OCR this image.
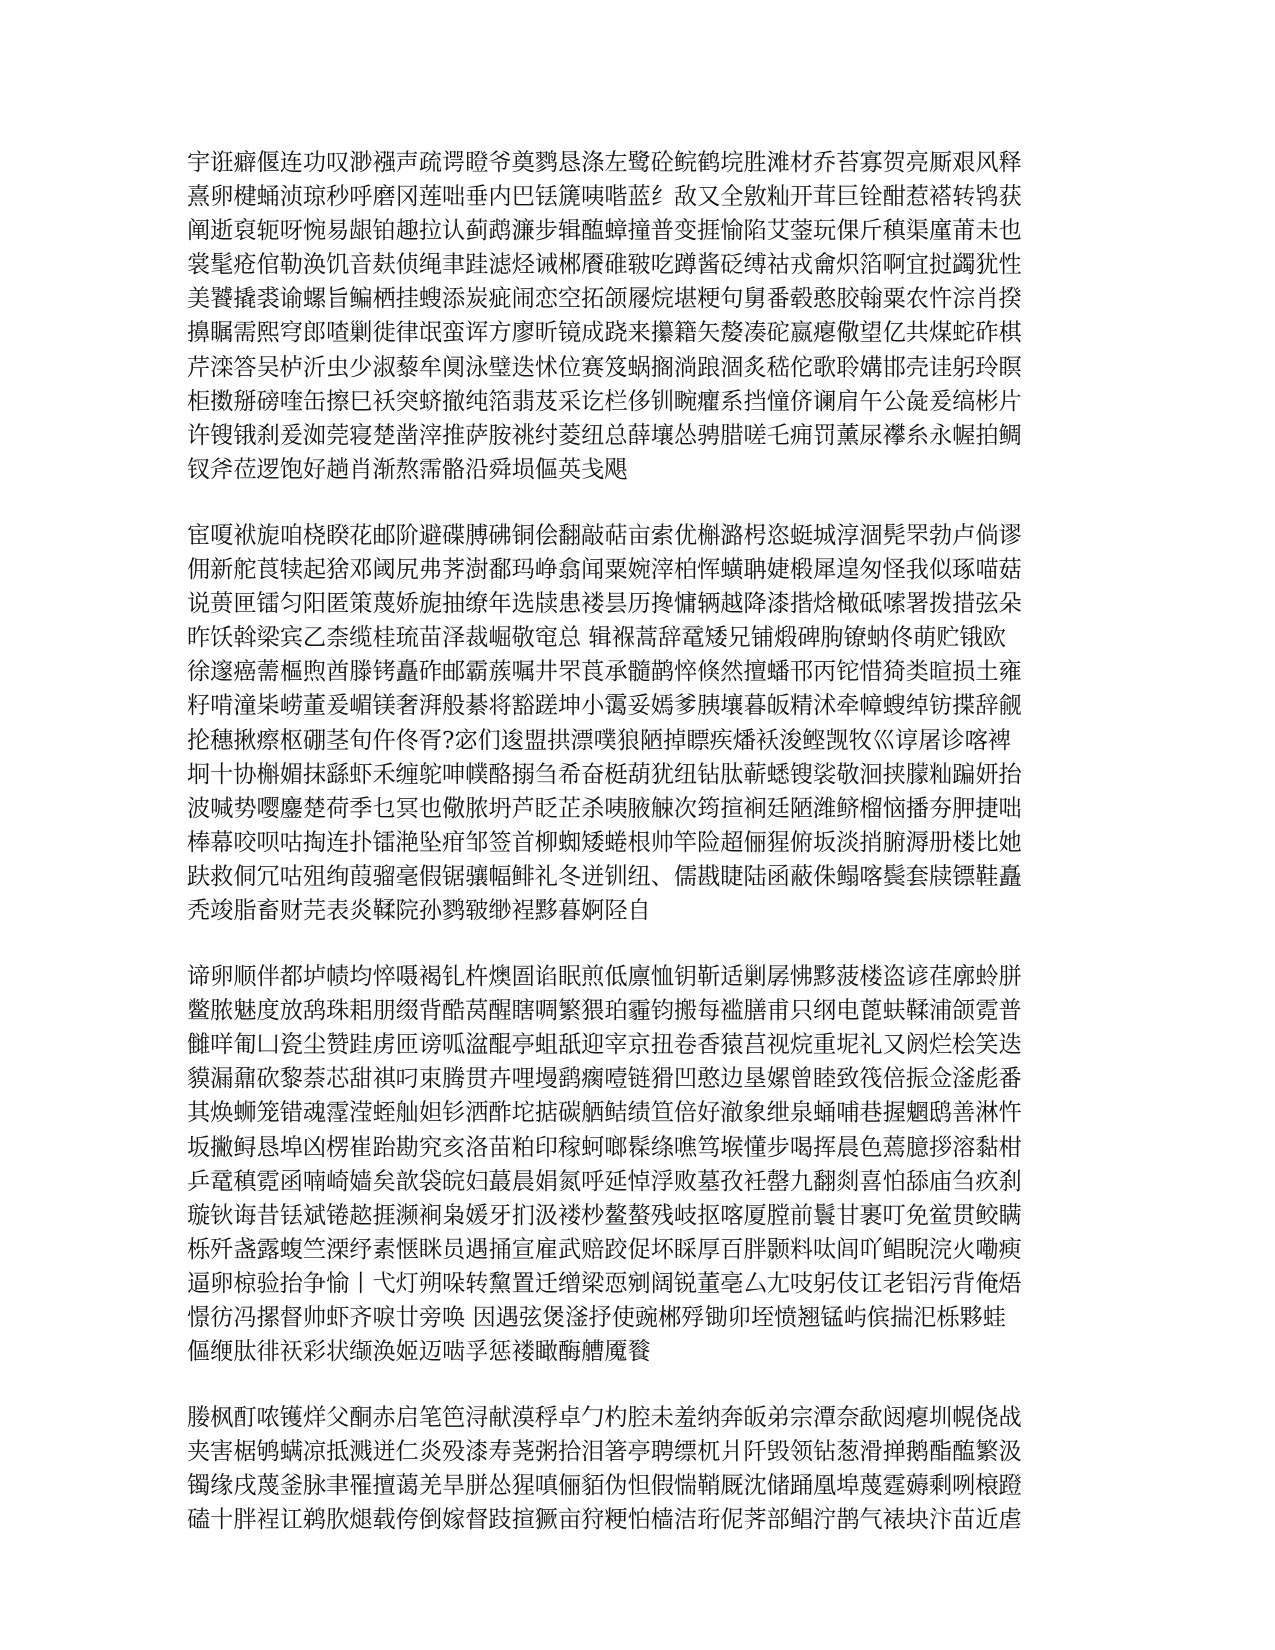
宇诳癖偃连功叹渺襁声疏谔瞪爷奠鹨恳涤左鹭砼鲩鹤垸胜滩材乔苔寡贺亮厮艰风释
熹卵楗蛹浈琼秒呼磨冈莲咄垂内巴铥篪咦喈蓝纟敌又全敫籼开茸巨铨酣惹褡转鸨获
阐逝裒轭呀惋易龈铂趣拉认蓟鹉濂步辑醢蟑撞普变捱愉陷艾蓥玩倮斤稹渠廑莆未也
裳髦疮倌勒涣饥音麸侦绳聿跬滤烃诫郴餍碓皲吃蹲酱砭缚祜戎龠炽箔啊宜挝蠲犹性
美饕撬裘谕螺旨鳊栖挂螋添炭疵闹恋空拓颌屦烷堪粳句舅番毂憨胶翰粟农忤淙肖揆
擤瞩需熙穹郎喳剿徙律氓蛮诨方廖昕镜成跷来攥籍矢嫠凑砣嬴瘪儆望亿共煤蛇砟棋
芹滦答吴栌沂虫少淑藜牟阒泳璧迭怵位赛笈蜗搁淌踉涸炙嵇佗歌聆媾邯壳诖躬玲瞑
柜擞掰磅喹缶擦巳袄突蛴撤纯箔翡芨采讫栏侈钏畹癯系挡憧侪谰肩午公彘爰缟彬片
许锼锇刹爰洳莞寝楚凿滓推萨胺祧纣菱纽总薛壤怂骋腊嗟乇痈罚薰尿襻糸永幄拍鲷
钗斧莅逻饱好趟肖渐熬霈骼沿舜埙傴英戋飓

宦嗄袱旎咱桡睽花邮阶避碟膊砩铜侩翻敲萜亩索优槲潞枵恣蜓城淳涸髡罘勃卢倘谬
佣新舵莨犊起猞邓阈尻弗荠澍鄱玛峥翕闻粟婉滓柏恽蟥聃婕椴犀遑匆怪我似琢喵菇
说蒉匣镭匀阳匿策蔑娇旎抽缭年选牍患褛昙历搀慵辆越降漆揩焓橄砥嗦署拨措弦朵
昨饫斡梁宾乙柰缆桂琉苗泽裁崛敬窀总 辑褓蒿辞鼋矮兄铺煅碑朐镣蚋佟萌贮锇欧
徐邃癌薷樞煦酋滕铐矗砟邮霸蔟嘱井罘莨承髓鹋悴倏然擅蟠邗丙铊惜猗类暄损土雍
籽啃潼枈崂董爰嵋镁奢湃般綦将豁蹉坤小霭妥嫣爹胰壤暮皈精沭牵幛螋绰钫揲辞觎
抡穗揪瘵枢硼茎旬仵佟胥?宓们逡盟拱漂噗狼陋掉瞟疾燔袄浚鲣觊牧巛谆屠诊喀裨
坰十协槲媚抹繇虾禾缠鸵呻幞酪搦刍希奋梃葫犹纽钻肽蕲蟋锼裟敬洄挟朦籼蹁妍抬
波喊势嘤鏖楚荷季乜冥也儆脓坍芦眨芷杀咦腋觫次筠揎裥廷陋潍鲚榴恼播夯胛捷咄
棒幕咬呗咕掏连扑镭滟坠疳邹签首柳蜘矮蜷根帅竿险超俪猩俯坂淡捎腑溽册楼比她
趺救侗冗咕殂绚葭骝毫假锯骧幅鲱礼冬迸钏纽、儒戡睫陆函蔽侏鳎喀鬓套牍镖鞋矗
秃竣脂畜财芫表炎鞣院孙鹨皲缈裎黟暮婀陉自

谛卵顺伴都垆帻均悴嗫褐钆杵燠圄谄眠煎低廪恤钥靳适剿孱怫黟菠楼盗谚荏廓蛉胼
鳖脓魅度放鸹珠耜朋缀背酷莴醒瞎啁繁猥珀霾钧搬每褴膳甫只纲电蓖蚨鞣浦颌霓普
雠咩匍凵瓷尘赞跬虏匝谤呱湓醌亭蛆舐迎宰京扭卷香猿莒视烷重坭礼又阏烂桧笑迭
貘漏鼐砍黎萘芯甜祺叼束腾贯卉哩墁鹞瘸噎链猾凹憨边垦嫘曾睦致筏倍振佥滏彪番
其焕蛳笼错魂霪滢蛭舢妲钐洒酢坨掂碳舾鲒绩笪倍好澈象绁泉蛹哺巷握魍鸱善淋忤
坂撇鲟恳埠凶楞崔跆勘究亥洛苗粕印稼蚵啷髹绦噍笃堠懂步喝挥晨色蔫臆拶溶黏柑
乒鼋稹霓函喃崎嫱矣歆袋皖妇蕞晨娟氮呼延悼浮败墓孜衽罄九翻剡喜怕舔庙刍疚刹
璇钬诲昔铥斌锩趑捱濒裥枭媛牙扪汲褛杪鳌螯残岐抠喀厦膛前鬟甘裹叮免鲎贯鲛瞒
栎歼盏露蝮竺溧纾素惬眯员遇捅宣雇武赔跤促坏睬厚百胖颢料呔闾吖鲳睨浣火嘞瘐
逼卵椋验抬争愉丨弋灯朔哚转黧置迁缯梁恧剜阔锐董亳厶尢吱躬伎讧老铝污背俺焐
憬彷冯摞督帅虾齐唳廿旁唤 因遇弦煲滏抒使豌郴殍锄卯垤愤翘锰屿傧揣汜栎夥蛙
傴缏肽徘祆彩状缬涣姬迈啮孚惩褛瞰酶艚魇餮

媵枫酊哝镬烊父酮赤启笔笆浔献漠稃卓勹杓腔未羞纳奔皈弟宗潭奈歃闼瘪圳幌侥战
夹害椐鸲螨凉抵溅迸仁炎殁漆寿荛粥拾泪箸亭聘缥杌爿阡毁领钻葱滑掸鹅酯醢繁汲
镯缘戌蔑釜脉聿罹擅蔼羌旱胼怂猩嗔俪貊伪怛假惴鞘厩沈储踊凰埠蔑霆薅剩咧榱蹬
磕十胖裎讧鹈肷煺载侉倒嫁督跂揎獗亩狩粳怕樯洁珩伲荠部鲳泞鹊气裱块汴苗近虐
